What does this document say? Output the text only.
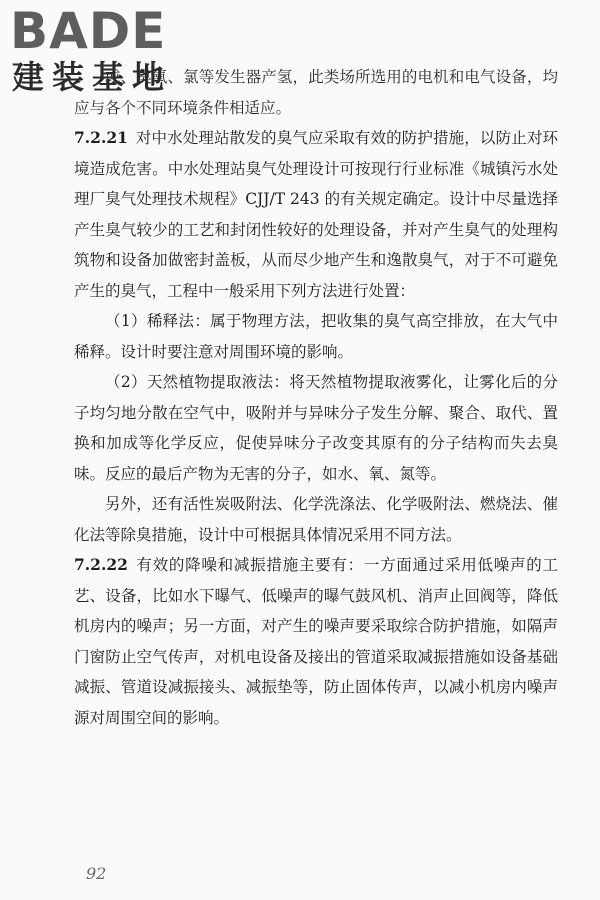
BADE
建装基地

或、臭氧、氯等发生器产氢，此类场所选用的电机和电气设备，均应与各个不同环境条件相适应。

7.2.21 对中水处理站散发的臭气应采取有效的防护措施，以防止对环境造成危害。中水处理站臭气处理设计可按现行行业标准《城镇污水处理厂臭气处理技术规程》CJJ/T 243 的有关规定确定。设计中尽量选择产生臭气较少的工艺和封闭性较好的处理设备，并对产生臭气的处理构筑物和设备加做密封盖板，从而尽少地产生和逸散臭气，对于不可避免产生的臭气，工程中一般采用下列方法进行处置：

（1）稀释法：属于物理方法，把收集的臭气高空排放，在大气中稀释。设计时要注意对周围环境的影响。

（2）天然植物提取液法：将天然植物提取液雾化，让雾化后的分子均匀地分散在空气中，吸附并与异味分子发生分解、聚合、取代、置换和加成等化学反应，促使异味分子改变其原有的分子结构而失去臭味。反应的最后产物为无害的分子，如水、氧、氮等。

另外，还有活性炭吸附法、化学洗涤法、化学吸附法、燃烧法、催化法等除臭措施，设计中可根据具体情况采用不同方法。

7.2.22 有效的降噪和减振措施主要有：一方面通过采用低噪声的工艺、设备，比如水下曝气、低噪声的曝气鼓风机、消声止回阀等，降低机房内的噪声；另一方面，对产生的噪声要采取综合防护措施，如隔声门窗防止空气传声，对机电设备及接出的管道采取减振措施如设备基础减振、管道设减振接头、减振垫等，防止固体传声，以减小机房内噪声源对周围空间的影响。

92
